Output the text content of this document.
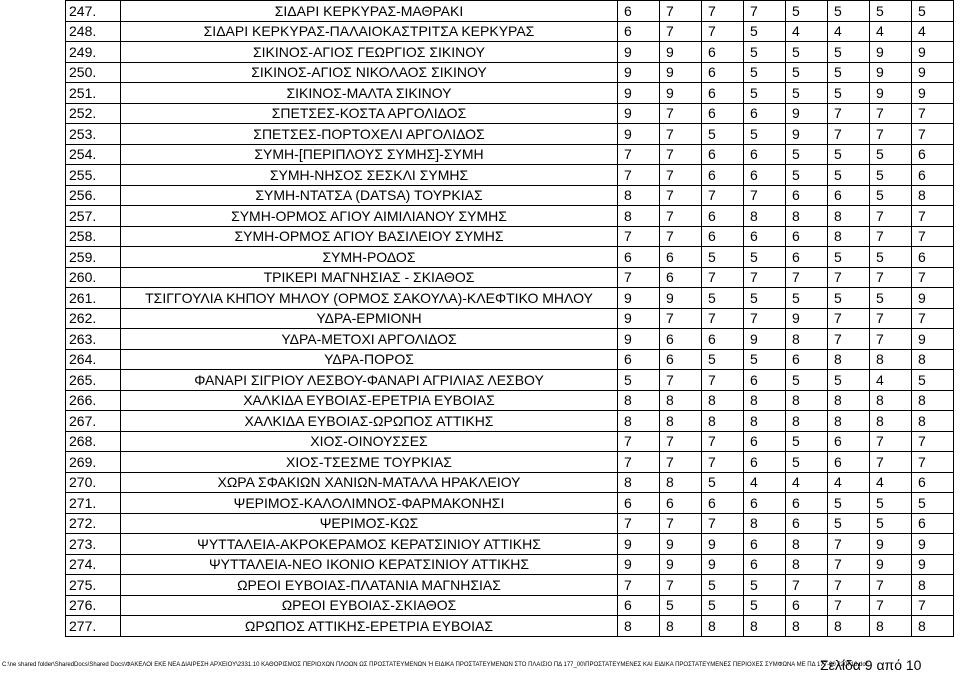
247.	ΣΙΔΑΡΙ ΚΕΡΚΥΡΑΣ-ΜΑΘΡΑΚΙ	6	7	7	7	5	5	5	5
248.	ΣΙΔΑΡΙ ΚΕΡΚΥΡΑΣ-ΠΑΛΑΙΟΚΑΣΤΡΙΤΣΑ ΚΕΡΚΥΡΑΣ	6	7	7	5	4	4	4	4
249.	ΣΙΚΙΝΟΣ-ΑΓΙΟΣ ΓΕΩΡΓΙΟΣ ΣΙΚΙΝΟΥ	9	9	6	5	5	5	9	9
250.	ΣΙΚΙΝΟΣ-ΑΓΙΟΣ ΝΙΚΟΛΑΟΣ ΣΙΚΙΝΟΥ	9	9	6	5	5	5	9	9
251.	ΣΙΚΙΝΟΣ-ΜΑΛΤΑ ΣΙΚΙΝΟΥ	9	9	6	5	5	5	9	9
252.	ΣΠΕΤΣΕΣ-ΚΟΣΤΑ ΑΡΓΟΛΙΔΟΣ	9	7	6	6	9	7	7	7
253.	ΣΠΕΤΣΕΣ-ΠΟΡΤΟΧΕΛΙ ΑΡΓΟΛΙΔΟΣ	9	7	5	5	9	7	7	7
254.	ΣΥΜΗ-[ΠΕΡΙΠΛΟΥΣ ΣΥΜΗΣ]-ΣΥΜΗ	7	7	6	6	5	5	5	6
255.	ΣΥΜΗ-ΝΗΣΟΣ ΣΕΣΚΛΙ ΣΥΜΗΣ	7	7	6	6	5	5	5	6
256.	ΣΥΜΗ-ΝΤΑΤΣΑ (DATSA) ΤΟΥΡΚΙΑΣ	8	7	7	7	6	6	5	8
257.	ΣΥΜΗ-ΟΡΜΟΣ ΑΓΙΟΥ ΑΙΜΙΛΙΑΝΟΥ ΣΥΜΗΣ	8	7	6	8	8	8	7	7
258.	ΣΥΜΗ-ΟΡΜΟΣ ΑΓΙΟΥ ΒΑΣΙΛΕΙΟΥ ΣΥΜΗΣ	7	7	6	6	6	8	7	7
259.	ΣΥΜΗ-ΡΟΔΟΣ	6	6	5	5	6	5	5	6
260.	ΤΡΙΚΕΡΙ ΜΑΓΝΗΣΙΑΣ - ΣΚΙΑΘΟΣ	7	6	7	7	7	7	7	7
261.	ΤΣΙΓΓΟΥΛΙΑ ΚΗΠΟΥ ΜΗΛΟΥ (ΟΡΜΟΣ ΣΑΚΟΥΛΑ)-ΚΛΕΦΤΙΚΟ ΜΗΛΟΥ	9	9	5	5	5	5	5	9
262.	ΥΔΡΑ-ΕΡΜΙΟΝΗ	9	7	7	7	9	7	7	7
263.	ΥΔΡΑ-ΜΕΤΟΧΙ ΑΡΓΟΛΙΔΟΣ	9	6	6	9	8	7	7	9
264.	ΥΔΡΑ-ΠΟΡΟΣ	6	6	5	5	6	8	8	8
265.	ΦΑΝΑΡΙ ΣΙΓΡΙΟΥ ΛΕΣΒΟΥ-ΦΑΝΑΡΙ ΑΓΡΙΛΙΑΣ ΛΕΣΒΟΥ	5	7	7	6	5	5	4	5
266.	ΧΑΛΚΙΔΑ ΕΥΒΟΙΑΣ-ΕΡΕΤΡΙΑ ΕΥΒΟΙΑΣ	8	8	8	8	8	8	8	8
267.	ΧΑΛΚΙΔΑ ΕΥΒΟΙΑΣ-ΩΡΩΠΟΣ ΑΤΤΙΚΗΣ	8	8	8	8	8	8	8	8
268.	ΧΙΟΣ-ΟΙΝΟΥΣΣΕΣ	7	7	7	6	5	6	7	7
269.	ΧΙΟΣ-ΤΣΕΣΜΕ ΤΟΥΡΚΙΑΣ	7	7	7	6	5	6	7	7
270.	ΧΩΡΑ ΣΦΑΚΙΩΝ ΧΑΝΙΩΝ-ΜΑΤΑΛΑ ΗΡΑΚΛΕΙΟΥ	8	8	5	4	4	4	4	6
271.	ΨΕΡΙΜΟΣ-ΚΑΛΟΛΙΜΝΟΣ-ΦΑΡΜΑΚΟΝΗΣΙ	6	6	6	6	6	5	5	5
272.	ΨΕΡΙΜΟΣ-ΚΩΣ	7	7	7	8	6	5	5	6
273.	ΨΥΤΤΑΛΕΙΑ-ΑΚΡΟΚΕΡΑΜΟΣ ΚΕΡΑΤΣΙΝΙΟΥ ΑΤΤΙΚΗΣ	9	9	9	6	8	7	9	9
274.	ΨΥΤΤΑΛΕΙΑ-ΝΕΟ ΙΚΟΝΙΟ ΚΕΡΑΤΣΙΝΙΟΥ ΑΤΤΙΚΗΣ	9	9	9	6	8	7	9	9
275.	ΩΡΕΟΙ ΕΥΒΟΙΑΣ-ΠΛΑΤΑΝΙΑ ΜΑΓΝΗΣΙΑΣ	7	7	5	5	7	7	7	8
276.	ΩΡΕΟΙ ΕΥΒΟΙΑΣ-ΣΚΙΑΘΟΣ	6	5	5	5	6	7	7	7
277.	ΩΡΩΠΟΣ ΑΤΤΙΚΗΣ-ΕΡΕΤΡΙΑ ΕΥΒΟΙΑΣ	8	8	8	8	8	8	8	8
C:\ne shared folder\SharedDocs\Shared Docs\ΦΑΚΕΛΟΙ ΕΚΕ ΝΕΑ ΔΙΑΙΡΕΣΗ ΑΡΧΕΙΟΥ\2331.10 ΚΑΘΟΡΙΣΜΟΣ ΠΕΡΙΟΧΩΝ ΠΛΟΩΝ ΩΣ ΠΡΟΣΤΑΤΕΥΜΕΝΩΝ Ή ΕΙΔΙΚΑ ΠΡΟΣΤΑΤΕΥΜΕΝΩΝ ΣΤΟ ΠΛΑΙΣΙΟ ΠΔ 177_00\ΠΡΟΣΤΑΤΕΥΜΕΝΕΣ ΚΑΙ ΕΙΔΙΚΑ ΠΡΟΣΤΑΤΕΥΜΕΝΕΣ ΠΕΡΙΟΧΕΣ ΣΥΜΦΩΝΑ ΜΕ ΠΔ 177-00 220716.doc
Σελίδα 9 από 10
